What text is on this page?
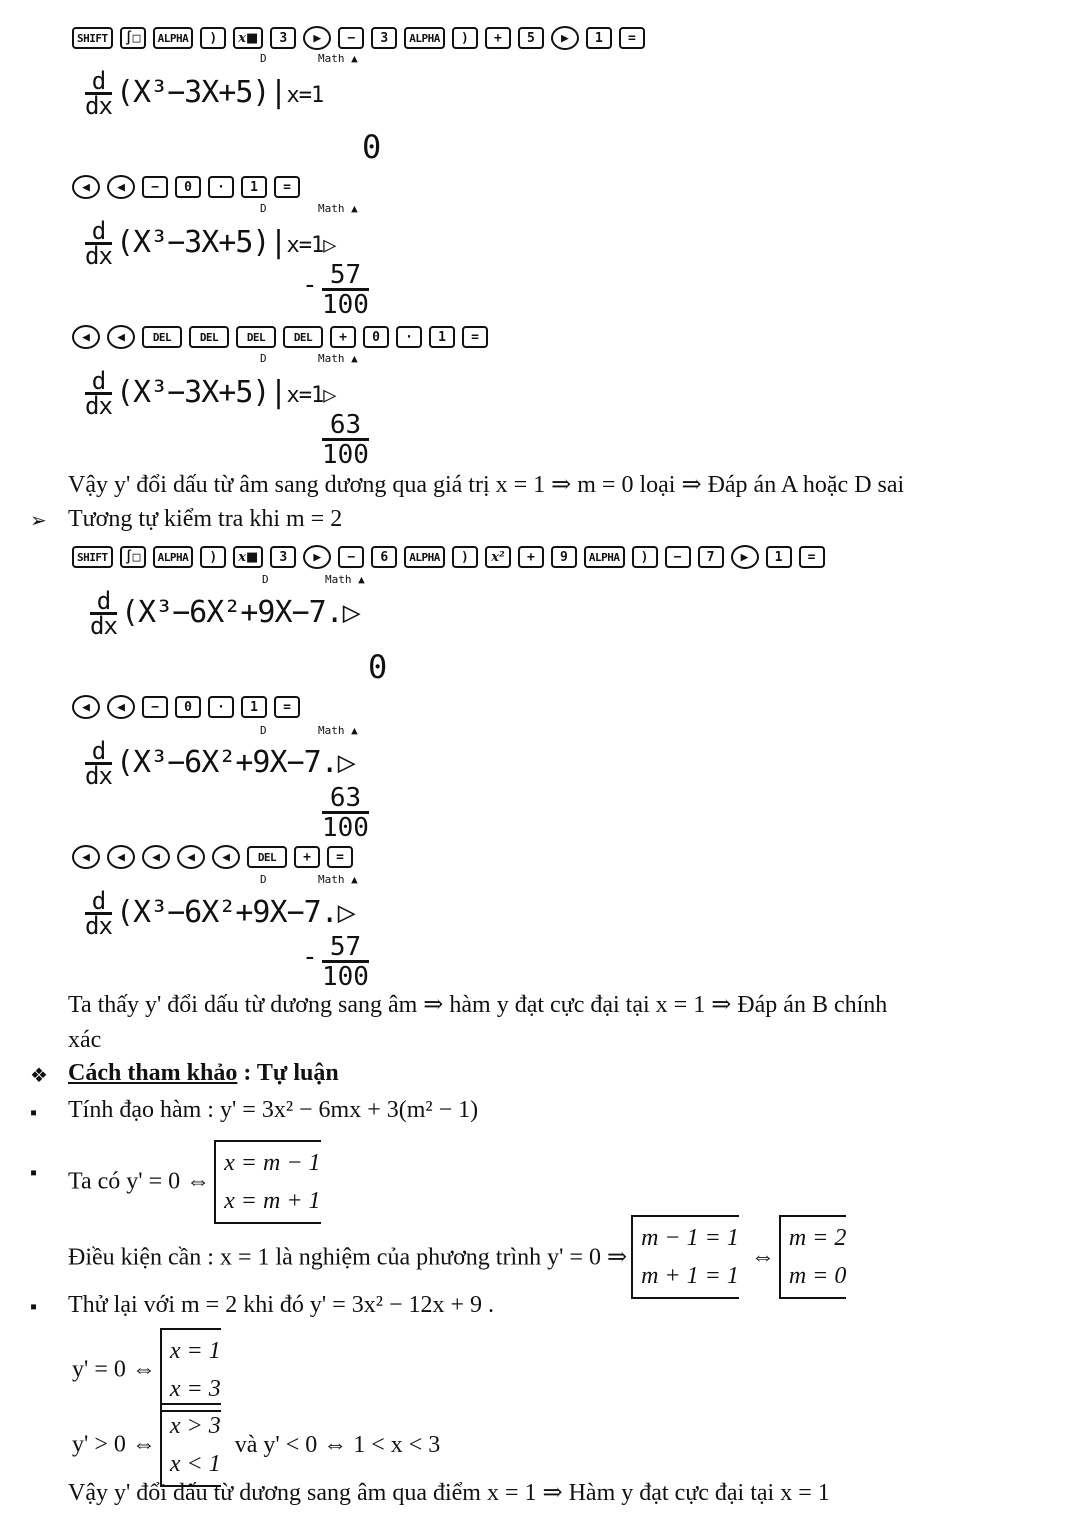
SHIFT	∫□	ALPHA	)	x■	3	▶	−	3	ALPHA	)	+	5	▶	1	=
D	Math ▲
$\frac{d}{dx} (X^3-3X+5)|x=1$
0
◀	◀	−	0	·	1	=
D	Math ▲
$\frac{d}{dx}$ (X³−3X+5)|x=1▷
- $\frac{57}{100}$
◀	◀	DEL	DEL	DEL	DEL	+	0	·	1	=
D	Math ▲
$\frac{d}{dx}$ (X³−3X+5)|x=1▷
$\frac{63}{100}$
Vậy y' đổi dấu từ âm sang dương qua giá trị x = 1 ⇒ m = 0 loại ⇒ Đáp án A hoặc D sai
➢ Tương tự kiểm tra khi m = 2
SHIFT	∫□	ALPHA	)	x■	3	▶	−	6	ALPHA	)	x²	+	9	ALPHA	)	−	7	▶	1	=
D	Math ▲
$\frac{d}{dx}$ (X³−6X²+9X−7.▷
0
◀	◀	−	0	·	1	=
D	Math ▲
$\frac{d}{dx}$ (X³−6X²+9X−7.▷
$\frac{63}{100}$
◀	◀	◀	◀	◀	DEL	+	=
D	Math ▲
$\frac{d}{dx}$ (X³−6X²+9X−7.▷
- $\frac{57}{100}$
Ta thấy y' đổi dấu từ dương sang âm ⇒ hàm y đạt cực đại tại x = 1 ⇒ Đáp án B chính
xác
❖ Cách tham khảo : Tự luận
▪ Tính đạo hàm : y' = 3x² − 6mx + 3(m² − 1)
▪ Ta có y' = 0 ⇔x = m − 1
x = m + 1
Điều kiện cần : x = 1 là nghiệm của phương trình y' = 0 ⇒m − 1 = 1
m + 1 = 1 ⇔m = 2
m = 0
▪ Thử lại với m = 2 khi đó y' = 3x² − 12x + 9 .
y' = 0 ⇔x = 1
x = 3
y' > 0 ⇔x > 3
x < 1 và y' < 0 ⇔ 1 < x < 3
Vậy y' đổi dấu từ dương sang âm qua điểm x = 1 ⇒ Hàm y đạt cực đại tại x = 1
